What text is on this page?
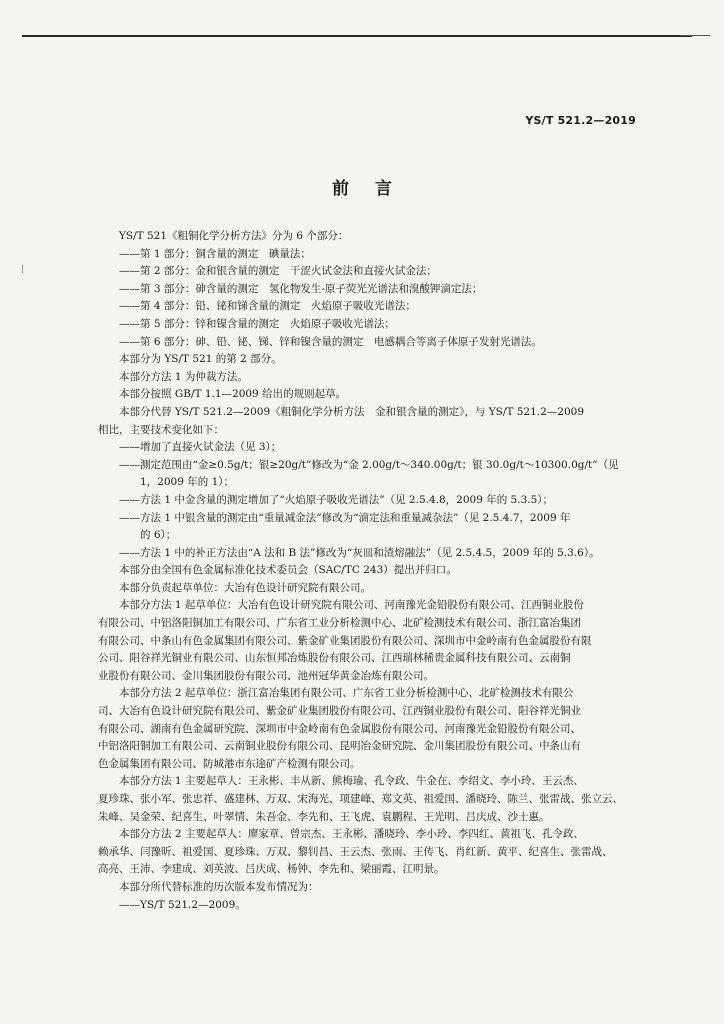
YS/T 521.2—2019
前言

YS/T 521《粗铜化学分析方法》分为 6 个部分：

——第 1 部分：铜含量的测定　碘量法；

——第 2 部分：金和银含量的测定　干涩火试金法和直接火试金法；

——第 3 部分：砷含量的测定　氢化物发生-原子荧光光谱法和溴酸钾滴定法；

——第 4 部分：铅、铋和锑含量的测定　火焰原子吸收光谱法；

——第 5 部分：锌和镍含量的测定　火焰原子吸收光谱法；

——第 6 部分：砷、铅、铋、锑、锌和镍含量的测定　电感耦合等离子体原子发射光谱法。

本部分为 YS/T 521 的第 2 部分。

本部分方法 1 为仲裁方法。

本部分按照 GB/T 1.1—2009 给出的规则起草。

本部分代替 YS/T 521.2—2009《粗铜化学分析方法　金和银含量的测定》，与 YS/T 521.2—2009

相比，主要技术变化如下：

——增加了直接火试金法（见 3）；

——测定范围由“金≥0.5g/t；银≥20g/t”修改为“金 2.00g/t～340.00g/t；银 30.0g/t～10300.0g/t”（见

1，2009 年的 1）；

——方法 1 中金含量的测定增加了“火焰原子吸收光谱法”（见 2.5.4.8，2009 年的 5.3.5）；

——方法 1 中银含量的测定由“重量减金法”修改为“滴定法和重量减杂法”（见 2.5.4.7，2009 年

的 6）；

——方法 1 中的补正方法由“A 法和 B 法”修改为“灰皿和渣熔融法”（见 2.5.4.5，2009 年的 5.3.6）。

本部分由全国有色金属标准化技术委员会（SAC/TC 243）提出并归口。

本部分负责起草单位：大冶有色设计研究院有限公司。

本部分方法 1 起草单位：大冶有色设计研究院有限公司、河南豫光金铅股份有限公司、江西铜业股份

有限公司、中铝洛阳铜加工有限公司、广东省工业分析检测中心、北矿检测技术有限公司、浙江富冶集团

有限公司、中条山有色金属集团有限公司、紫金矿业集团股份有限公司、深圳市中金岭南有色金属股份有限

公司、阳谷祥光铜业有限公司、山东恒邦冶炼股份有限公司、江西瑞林稀贵金属科技有限公司、云南铜

业股份有限公司、金川集团股份有限公司、池州冠华黄金冶炼有限公司。

本部分方法 2 起草单位：浙江富冶集团有限公司、广东省工业分析检测中心、北矿检测技术有限公

司、大冶有色设计研究院有限公司、紫金矿业集团股份有限公司、江西铜业股份有限公司、阳谷祥光铜业

有限公司、湖南有色金属研究院、深圳市中金岭南有色金属股份有限公司、河南豫光金铅股份有限公司、

中铝洛阳铜加工有限公司、云南铜业股份有限公司、昆明冶金研究院、金川集团股份有限公司、中条山有

色金属集团有限公司、防城港市东途矿产检测有限公司。

本部分方法 1 主要起草人：王永彬、丰从新、熊梅瑜、孔令政、牛金在、李绍文、李小玲、王云杰、

夏珍珠、张小军、张忠祥、盛建林、万双、宋海光、项建峰、郑文英、祖爱国、潘晓玲、陈兰、张雷战、张立云、

朱峰、吴金荣、纪喜生、叶翠情、朱吾金、李先和、王飞虎、袁鹏程、王光明、吕庆成、沙士惠。

本部分方法 2 主要起草人：廖家章、曾宗杰、王永彬、潘晓玲、李小玲、李四红、黄祖飞、孔令政、

赖承华、闫豫昕、祖爱国、夏珍珠、万双、黎钊昌、王云杰、张雨、王传飞、肖红新、黄平、纪喜生、张雷战、

高亮、王沛、李建成、刘英波、吕庆成、杨钟、李先和、梁丽霞、江明景。

本部分所代替标准的历次版本发布情况为：

——YS/T 521.2—2009。
